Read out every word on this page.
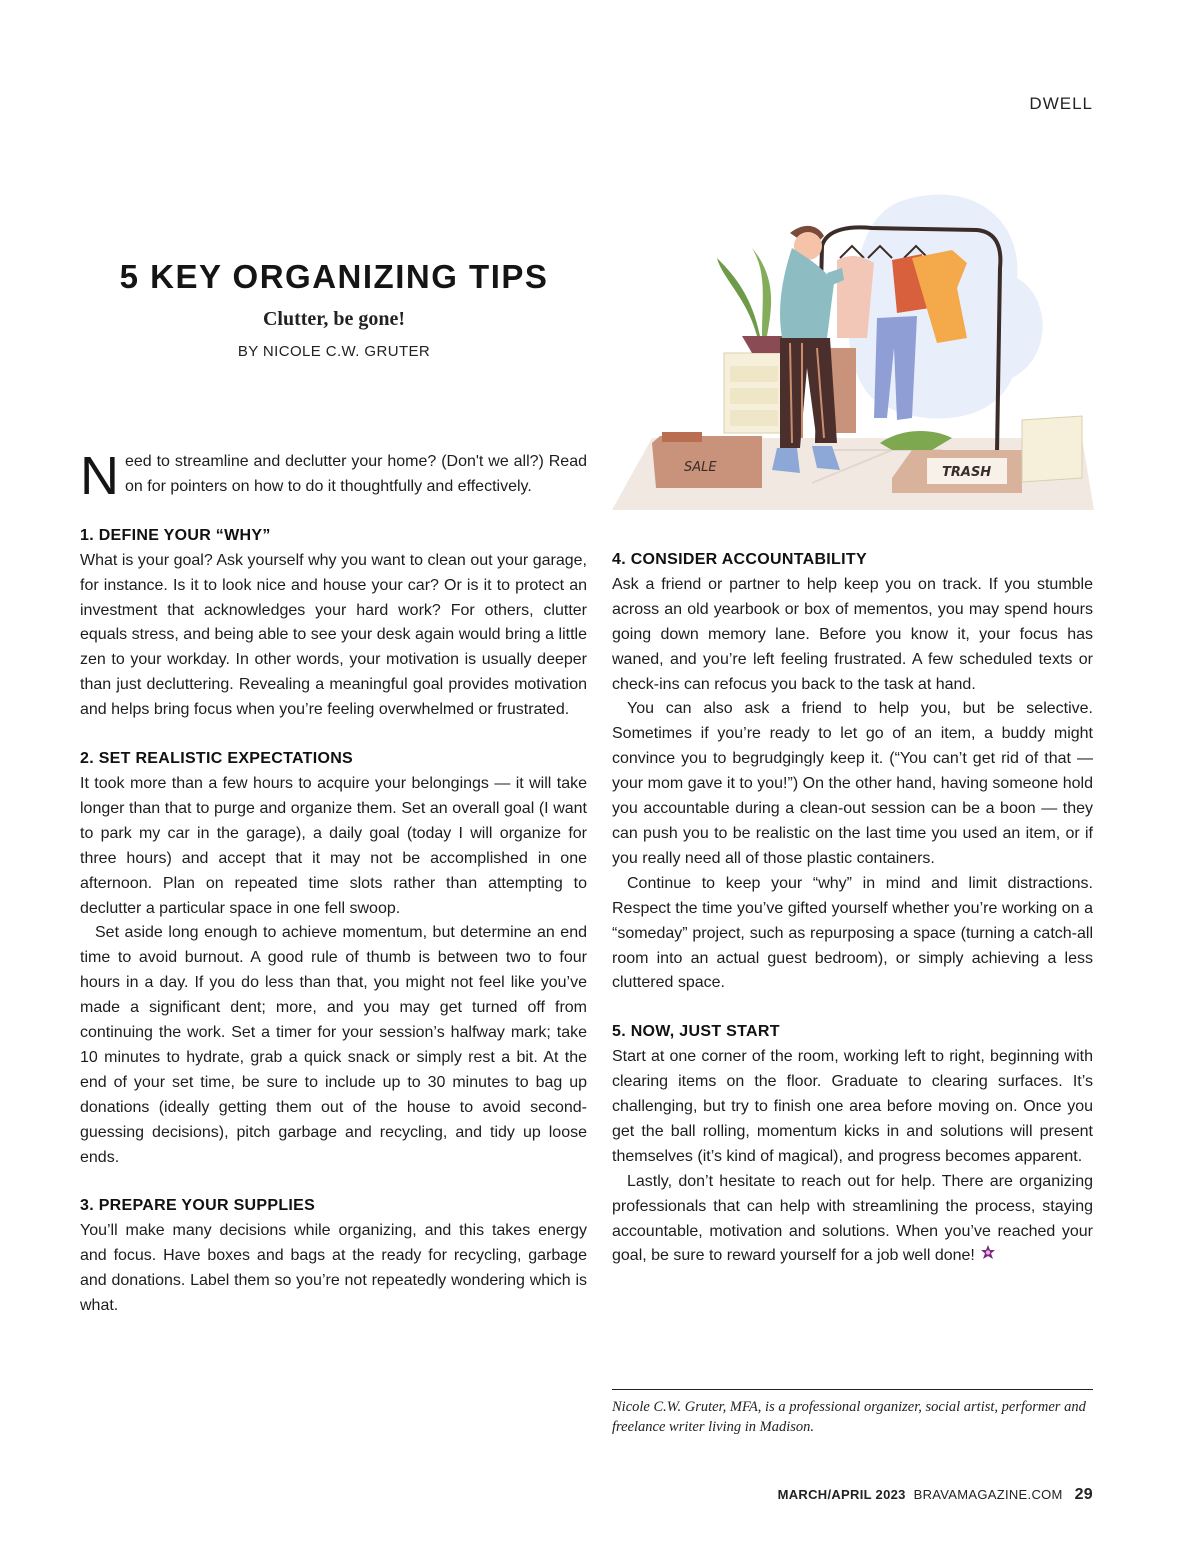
DWELL
5 KEY ORGANIZING TIPS
Clutter, be gone!
BY NICOLE C.W. GRUTER
SALE	TRASH

Need to streamline and declutter your home? (Don't we all?) Read on for pointers on how to do it thoughtfully and effectively.

1. DEFINE YOUR “WHY”

What is your goal? Ask yourself why you want to clean out your garage, for instance. Is it to look nice and house your car? Or is it to protect an investment that acknowledges your hard work? For others, clutter equals stress, and being able to see your desk again would bring a little zen to your workday. In other words, your motivation is usually deeper than just decluttering. Revealing a meaningful goal provides motivation and helps bring focus when you’re feeling overwhelmed or frustrated.

2. SET REALISTIC EXPECTATIONS

It took more than a few hours to acquire your belongings — it will take longer than that to purge and organize them. Set an overall goal (I want to park my car in the garage), a daily goal (today I will organize for three hours) and accept that it may not be accomplished in one afternoon. Plan on repeated time slots rather than attempting to declutter a particular space in one fell swoop.

Set aside long enough to achieve momentum, but determine an end time to avoid burnout. A good rule of thumb is between two to four hours in a day. If you do less than that, you might not feel like you’ve made a significant dent; more, and you may get turned off from continuing the work. Set a timer for your session’s halfway mark; take 10 minutes to hydrate, grab a quick snack or simply rest a bit. At the end of your set time, be sure to include up to 30 minutes to bag up donations (ideally getting them out of the house to avoid second-guessing decisions), pitch garbage and recycling, and tidy up loose ends.

3. PREPARE YOUR SUPPLIES

You’ll make many decisions while organizing, and this takes energy and focus. Have boxes and bags at the ready for recycling, garbage and donations. Label them so you’re not repeatedly wondering which is what.

4. CONSIDER ACCOUNTABILITY

Ask a friend or partner to help keep you on track. If you stumble across an old yearbook or box of mementos, you may spend hours going down memory lane. Before you know it, your focus has waned, and you’re left feeling frustrated. A few scheduled texts or check-ins can refocus you back to the task at hand.

You can also ask a friend to help you, but be selective. Sometimes if you’re ready to let go of an item, a buddy might convince you to begrudgingly keep it. (“You can’t get rid of that — your mom gave it to you!”) On the other hand, having someone hold you accountable during a clean-out session can be a boon — they can push you to be realistic on the last time you used an item, or if you really need all of those plastic containers.

Continue to keep your “why” in mind and limit distractions. Respect the time you’ve gifted yourself whether you’re working on a “someday” project, such as repurposing a space (turning a catch-all room into an actual guest bedroom), or simply achieving a less cluttered space.

5. NOW, JUST START

Start at one corner of the room, working left to right, beginning with clearing items on the floor. Graduate to clearing surfaces. It’s challenging, but try to finish one area before moving on. Once you get the ball rolling, momentum kicks in and solutions will present themselves (it’s kind of magical), and progress becomes apparent.

Lastly, don’t hesitate to reach out for help. There are organizing professionals that can help with streamlining the process, staying accountable, motivation and solutions. When you’ve reached your goal, be sure to reward yourself for a job well done!

Nicole C.W. Gruter, MFA, is a professional organizer, social artist, performer and freelance writer living in Madison.
MARCH/APRIL 2023 BRAVAMAGAZINE.COM 29
